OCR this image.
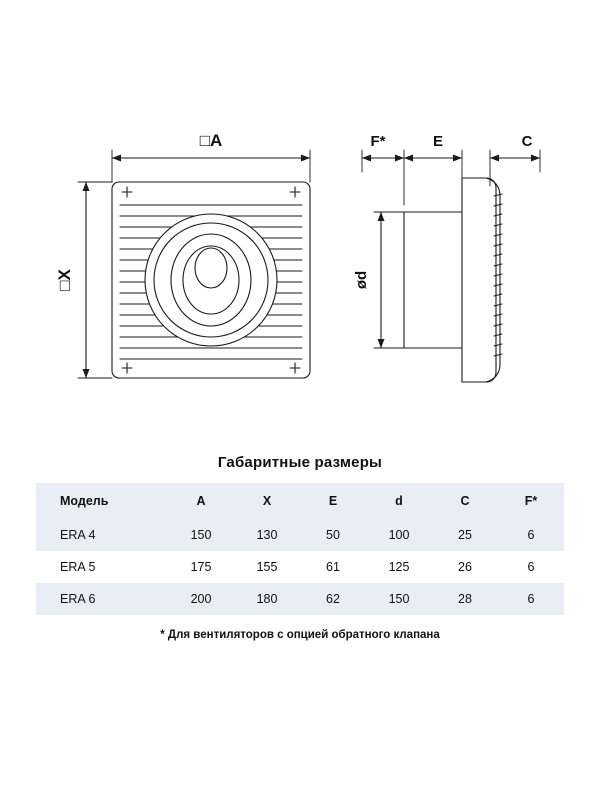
□A
□X
F*	E	C
ød
Габаритные размеры
Модель	A	X	E	d	C	F*
ERA 4	150	130	50	100	25	6
ERA 5	175	155	61	125	26	6
ERA 6	200	180	62	150	28	6
* Для вентиляторов с опцией обратного клапана
